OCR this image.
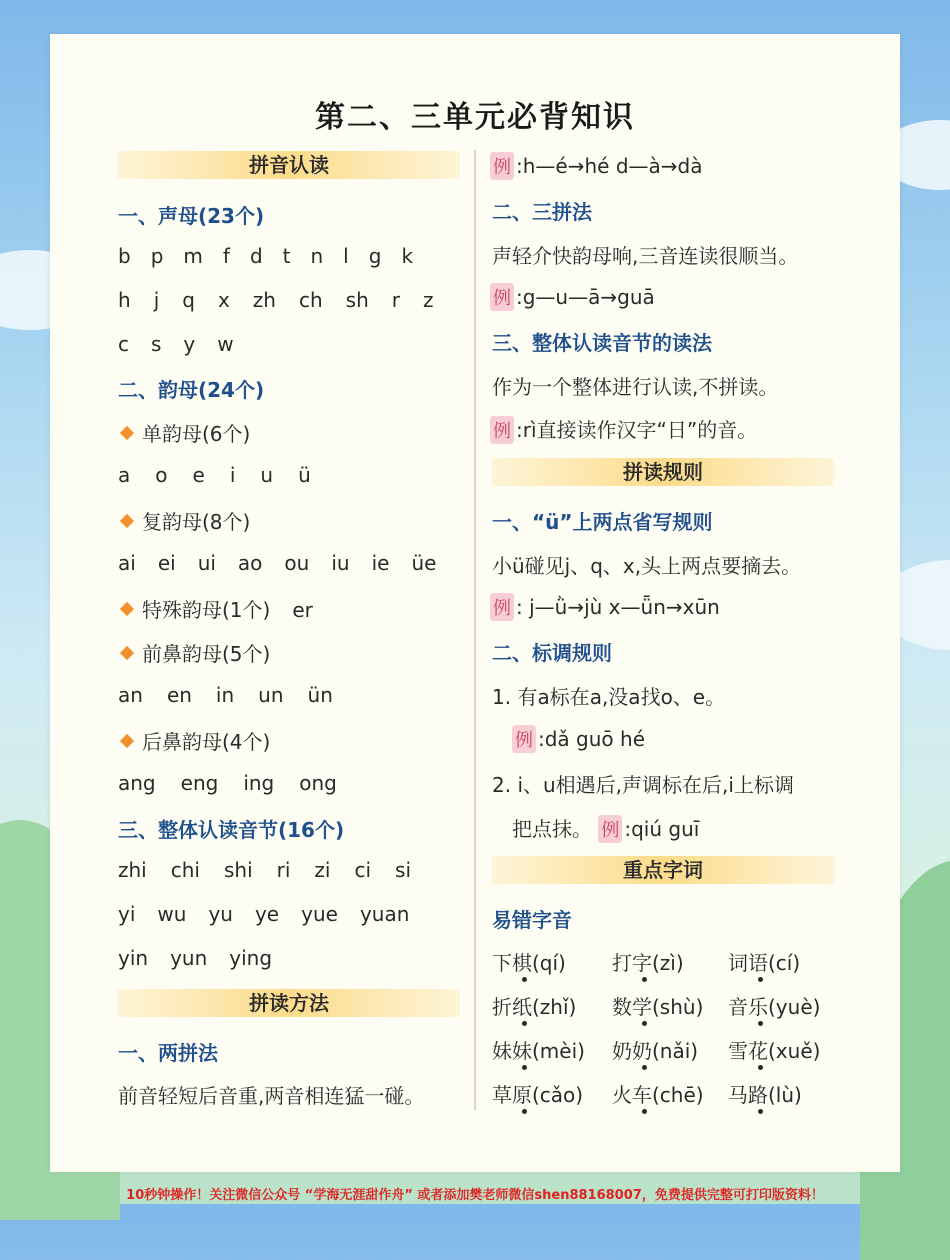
第二、三单元必背知识
拼音认读
一、声母(23个)
b p m f d t n l g k
h j q x zh ch sh r z
c s y w
二、韵母(24个)
单韵母(6个)
a o e i u ü
复韵母(8个)
ai ei ui ao ou iu ie üe
特殊韵母(1个) er
前鼻韵母(5个)
an en in un ün
后鼻韵母(4个)
ang eng ing ong
三、整体认读音节(16个)
zhi chi shi ri zi ci si
yi wu yu ye yue yuan
yin yun ying
拼读方法
一、两拼法
前音轻短后音重,两音相连猛一碰。
例 :h—é→hé d—à→dà
二、三拼法
声轻介快韵母响,三音连读很顺当。
例 :g—u—ā→guā
三、整体认读音节的读法
作为一个整体进行认读,不拼读。
例 :rì直接读作汉字“日”的音。
拼读规则
一、“ü”上两点省写规则
小ü碰见j、q、x,头上两点要摘去。
例 : j—ǜ→jù x—ǖn→xūn
二、标调规则
1. 有a标在a,没a找o、e。
例 :dǎ guō hé
2. i、u相遇后,声调标在后,i上标调
把点抹。 例 :qiú guī
重点字词
易错字音
下棋(qí) 打字(zì) 词语(cí)
折纸(zhǐ) 数学(shù) 音乐(yuè)
妹妹(mèi) 奶奶(nǎi) 雪花(xuě)
草原(cǎo) 火车(chē) 马路(lù)
10秒钟操作！关注微信公众号 “学海无涯甜作舟” 或者添加樊老师微信shen88168007，免费提供完整可打印版资料！
